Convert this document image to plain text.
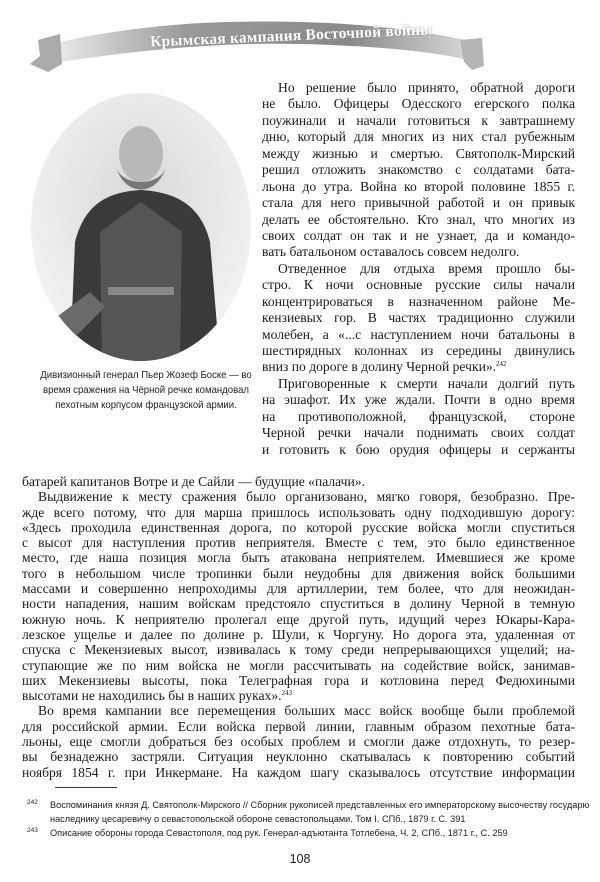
Крымская кампания Восточной войны
Дивизионный генерал Пьер Жозеф Боске — во время сражения на Чёрной речке командовал пехотным корпусом французской армии.
Но решение было принято, обратной дороги
не было. Офицеры Одесского егерского полка
поужинали и начали готовиться к завтрашнему
дню, который для многих из них стал рубежным
между жизнью и смертью. Святополк-Мирский
решил отложить знакомство с солдатами бата-
льона до утра. Война ко второй половине 1855 г.
стала для него привычной работой и он привык
делать ее обстоятельно. Кто знал, что многих из
своих солдат он так и не узнает, да и командо-
вать батальоном оставалось совсем недолго.
Отведенное для отдыха время прошло бы-
стро. К ночи основные русские силы начали
концентрироваться в назначенном районе Ме-
кензиевых гор. В частях традиционно служили
молебен, а «...с наступлением ночи батальоны в
шестирядных колоннах из середины двинулись
вниз по дороге в долину Черной речки».$^{242}$
Приговоренные к смерти начали долгий путь
на эшафот. Их уже ждали. Почти в одно время
на противоположной, французской, стороне
Черной речки начали поднимать своих солдат
и готовить к бою орудия офицеры и сержанты
батарей капитанов Вотре и де Сайли — будущие «палачи».
Выдвижение к месту сражения было организовано, мягко говоря, безобразно. Пре-
жде всего потому, что для марша пришлось использовать одну подходившую дорогу:
«Здесь проходила единственная дорога, по которой русские войска могли спуститься
с высот для наступления против неприятеля. Вместе с тем, это было единственное
место, где наша позиция могла быть атакована неприятелем. Имевшиеся же кроме
того в небольшом числе тропинки были неудобны для движения войск большими
массами и совершенно непроходимы для артиллерии, тем более, что для неожидан-
ности нападения, нашим войскам предстояло спуститься в долину Черной в темную
южную ночь. К неприятелю пролегал еще другой путь, идущий через Юкары-Кара-
лезское ущелье и далее по долине р. Шули, к Чоргуну. Но дорога эта, удаленная от
спуска с Мекензиевых высот, извивалась к тому среди непрерывающихся ущелий; на-
ступающие же по ним войска не могли рассчитывать на содействие войск, занимав-
ших Мекензиевы высоты, пока Телеграфная гора и котловина перед Федюхиными
высотами не находились бы в наших руках».$^{243}$
Во время кампании все перемещения больших масс войск вообще были проблемой
для российской армии. Если войска первой линии, главным образом пехотные бата-
льоны, еще смогли добраться без особых проблем и смогли даже отдохнуть, то резер-
вы безнадежно застряли. Ситуация неуклонно скатывалась к повторению событий
ноября 1854 г. при Инкермане. На каждом шагу сказывалось отсутствие информации
242 Воспоминания князя Д. Святополк-Мирского // Сборник рукописей представленных его императорскому высочеству государю
наследнику цесаревичу о севастопольской обороне севастопольцами. Том I. СПб., 1879 г. С. 391
243 Описание обороны города Севастополя, под рук. Генерал-адъютанта Тотлебена, Ч. 2, СПб., 1871 г., С. 259
108
